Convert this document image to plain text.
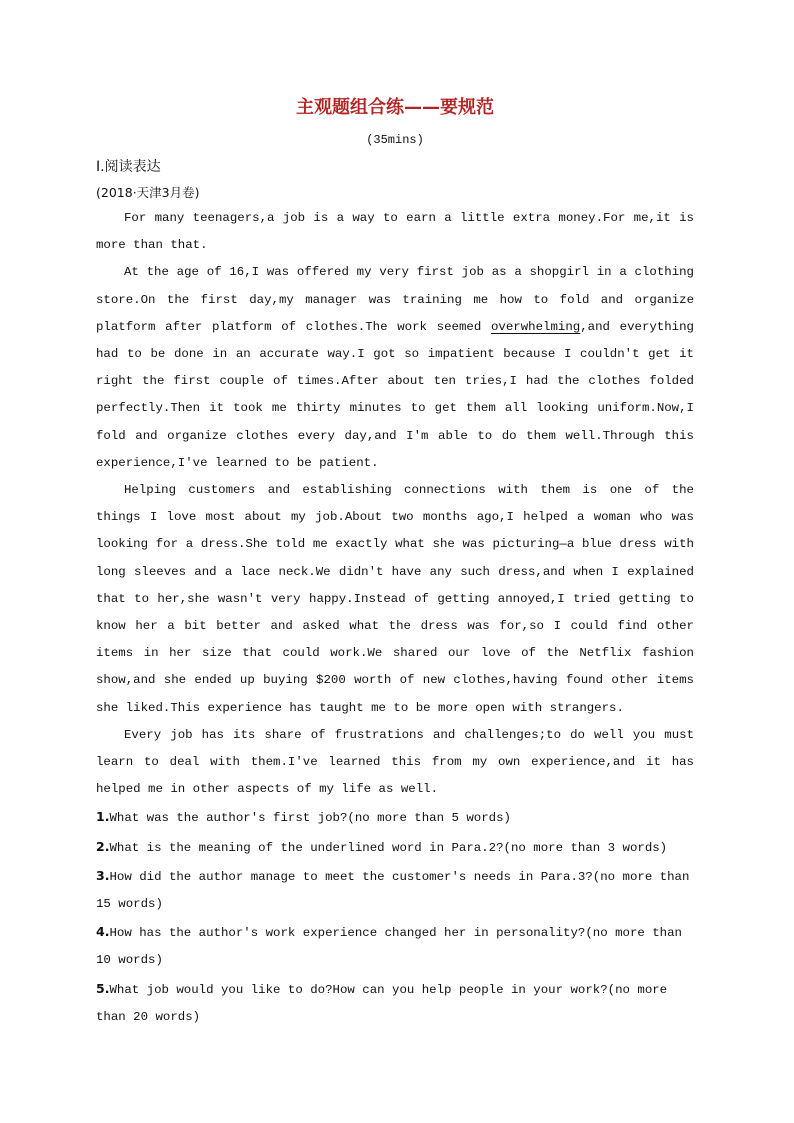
主观题组合练——要规范
(35mins)
Ⅰ.阅读表达
(2018·天津3月卷)

For many teenagers,a job is a way to earn a little extra money.For me,it is more than that.

At the age of 16,I was offered my very first job as a shopgirl in a clothing store.On the first day,my manager was training me how to fold and organize platform after platform of clothes.The work seemed overwhelming,and everything had to be done in an accurate way.I got so impatient because I couldn't get it right the first couple of times.After about ten tries,I had the clothes folded perfectly.Then it took me thirty minutes to get them all looking uniform.Now,I fold and organize clothes every day,and I'm able to do them well.Through this experience,I've learned to be patient.

Helping customers and establishing connections with them is one of the things I love most about my job.About two months ago,I helped a woman who was looking for a dress.She told me exactly what she was picturing—a blue dress with long sleeves and a lace neck.We didn't have any such dress,and when I explained that to her,she wasn't very happy.Instead of getting annoyed,I tried getting to know her a bit better and asked what the dress was for,so I could find other items in her size that could work.We shared our love of the Netflix fashion show,and she ended up buying $200 worth of new clothes,having found other items she liked.This experience has taught me to be more open with strangers.

Every job has its share of frustrations and challenges;to do well you must learn to deal with them.I've learned this from my own experience,and it has helped me in other aspects of my life as well.

1.What was the author's first job?(no more than 5 words)

2.What is the meaning of the underlined word in Para.2?(no more than 3 words)

3.How did the author manage to meet the customer's needs in Para.3?(no more than 15 words)

4.How has the author's work experience changed her in personality?(no more than 10 words)

5.What job would you like to do?How can you help people in your work?(no more than 20 words)
